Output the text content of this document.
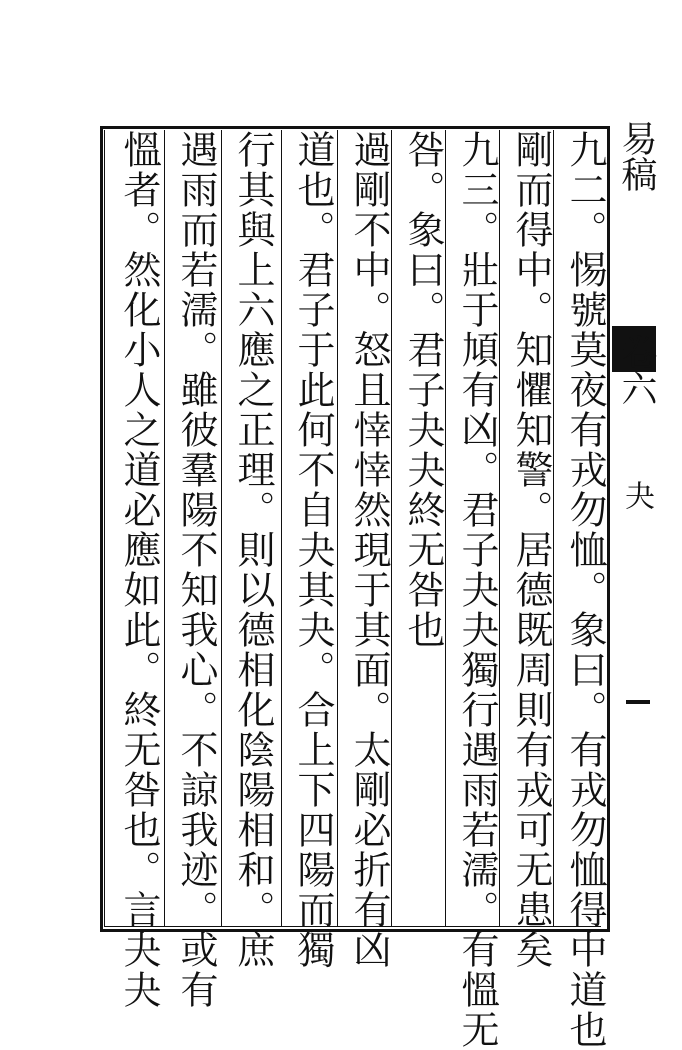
易稿
卷六
夬
九二。惕號莫夜有戎勿恤。象曰。有戎勿恤得中道也
剛而得中。知懼知警。居德既周則有戎可无患矣
九三。壯于頄有凶。君子夬夬獨行遇雨若濡。有慍无
咎。象曰。君子夬夬終无咎也
過剛不中。怒且悻悻然現于其面。太剛必折有凶
道也。君子于此何不自夬其夬。合上下四陽而獨
行其與上六應之正理。則以德相化陰陽相和。庶
遇雨而若濡。雖彼羣陽不知我心。不諒我迹。或有
慍者。然化小人之道必應如此。終无咎也。言夬夬
